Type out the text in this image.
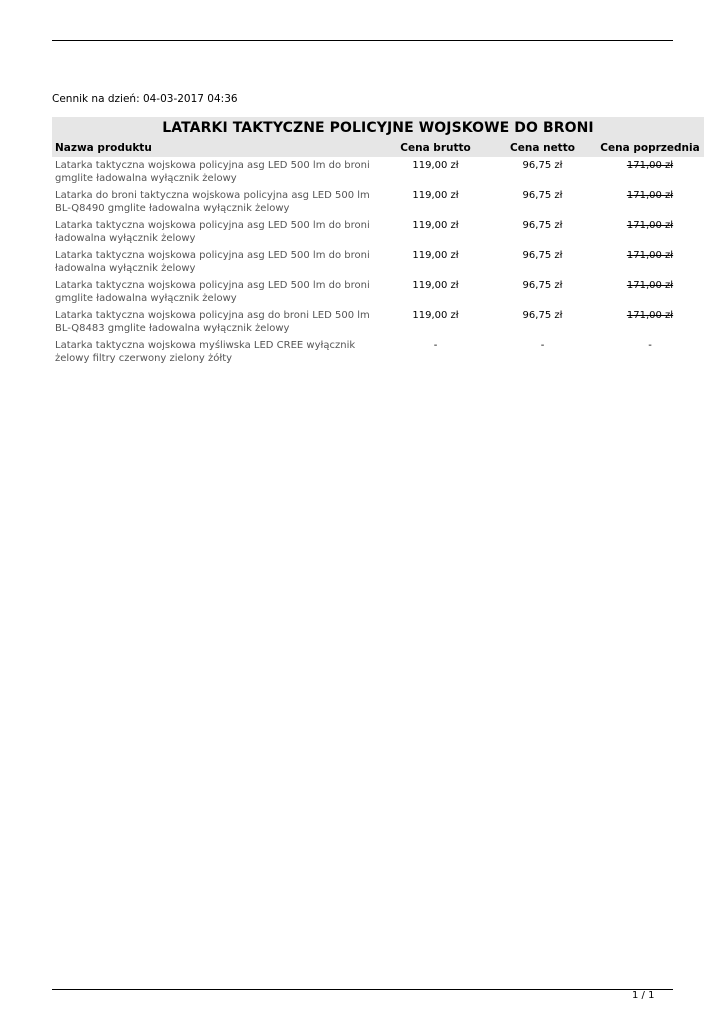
Cennik na dzień: 04-03-2017 04:36
LATARKI TAKTYCZNE POLICYJNE WOJSKOWE DO BRONI
Nazwa produktu	Cena brutto	Cena netto	Cena poprzednia
Latarka taktyczna wojskowa policyjna asg LED 500 lm do broni gmglite ładowalna wyłącznik żelowy
119,00 zł	96,75 zł	171,00 zł
Latarka do broni taktyczna wojskowa policyjna asg LED 500 lm BL-Q8490 gmglite ładowalna wyłącznik żelowy
119,00 zł	96,75 zł	171,00 zł
Latarka taktyczna wojskowa policyjna asg LED 500 lm do broni ładowalna wyłącznik żelowy
119,00 zł	96,75 zł	171,00 zł
Latarka taktyczna wojskowa policyjna asg LED 500 lm do broni ładowalna wyłącznik żelowy
119,00 zł	96,75 zł	171,00 zł
Latarka taktyczna wojskowa policyjna asg LED 500 lm do broni gmglite ładowalna wyłącznik żelowy
119,00 zł	96,75 zł	171,00 zł
Latarka taktyczna wojskowa policyjna asg do broni LED 500 lm BL-Q8483 gmglite ładowalna wyłącznik żelowy
119,00 zł	96,75 zł	171,00 zł
Latarka taktyczna wojskowa myśliwska LED CREE wyłącznik żelowy filtry czerwony zielony żółty
-	-	-
1 / 1
